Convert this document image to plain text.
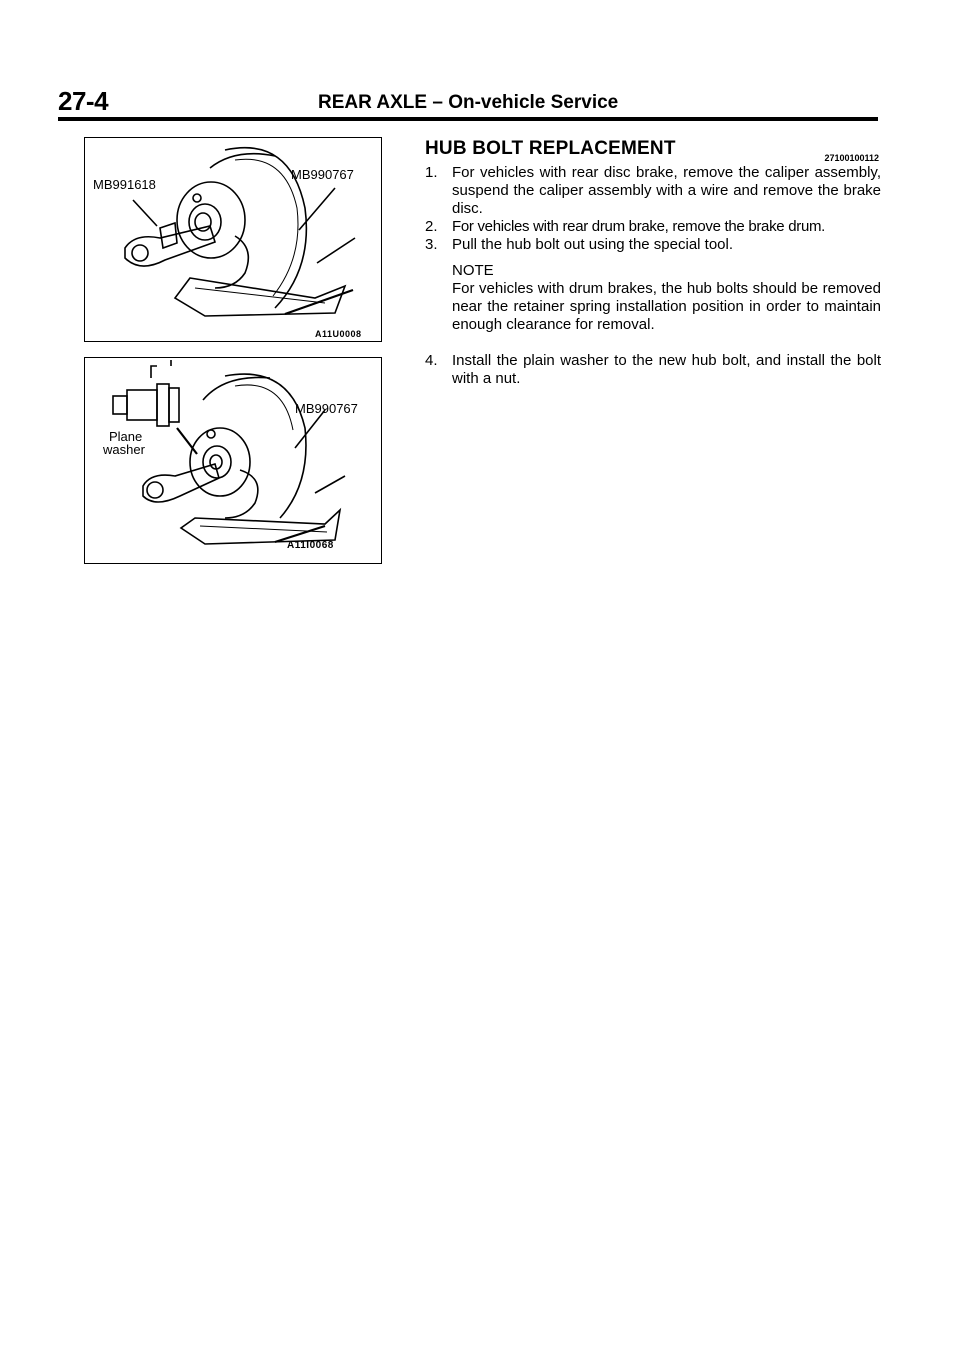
27-4	REAR AXLE – On-vehicle Service
MB991618
MB990767
A11U0008
MB990767
Plane
washer
A11I0068
HUB BOLT REPLACEMENT	27100100112
1. For vehicles with rear disc brake, remove the caliper assembly, suspend the caliper assembly with a wire and remove the brake disc.
2. For vehicles with rear drum brake, remove the brake drum.
3. Pull the hub bolt out using the special tool.
NOTE
For vehicles with drum brakes, the hub bolts should be removed near the retainer spring installation position in order to maintain enough clearance for removal.
4. Install the plain washer to the new hub bolt, and install the bolt with a nut.
